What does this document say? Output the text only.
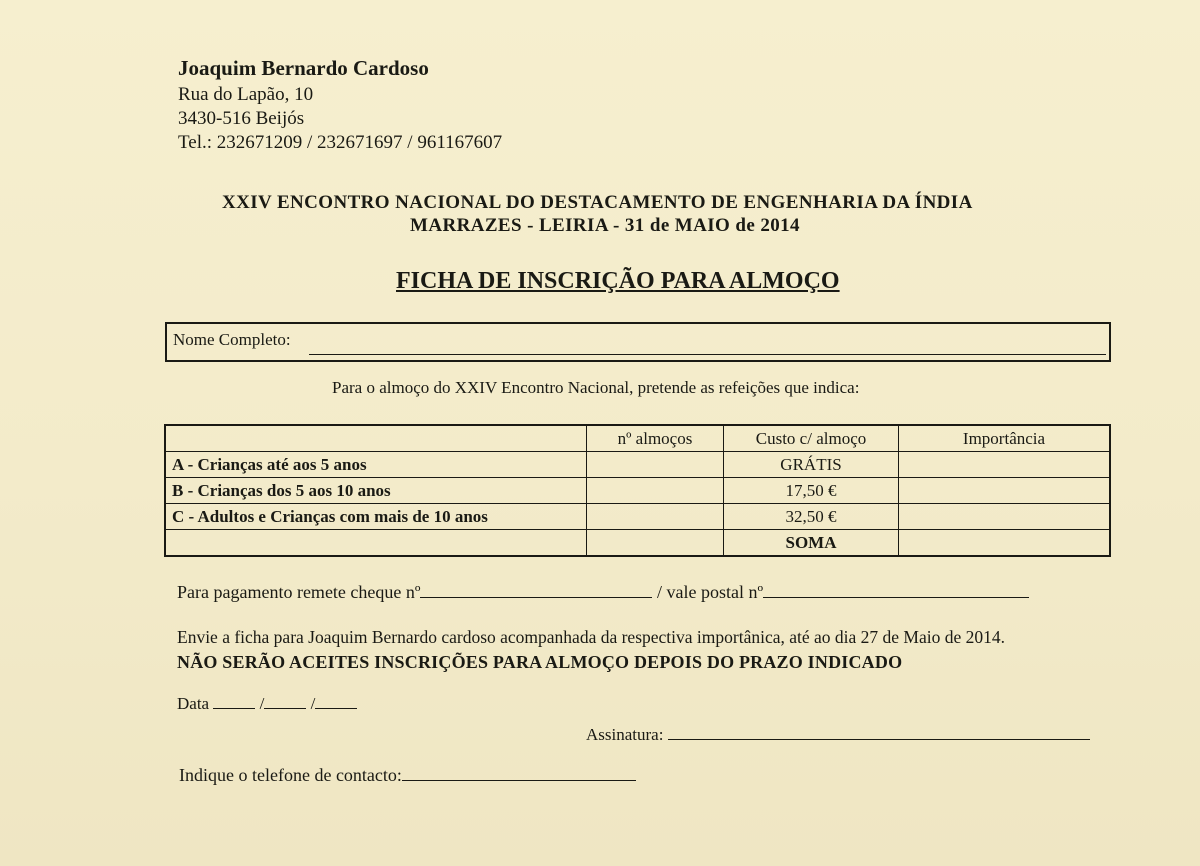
Joaquim Bernardo Cardoso
Rua do Lapão, 10
3430-516 Beijós
Tel.: 232671209 / 232671697 / 961167607
XXIV ENCONTRO NACIONAL DO DESTACAMENTO DE ENGENHARIA DA ÍNDIA
MARRAZES - LEIRIA - 31 de MAIO de 2014
FICHA DE INSCRIÇÃO PARA ALMOÇO
Nome Completo:
Para o almoço do XXIV Encontro Nacional, pretende as refeições que indica:
	nº almoços	Custo c/ almoço	Importância
A - Crianças até aos 5 anos		GRÁTIS	
B - Crianças dos 5 aos 10 anos		17,50 €	
C - Adultos e Crianças com mais de 10 anos		32,50 €	
		SOMA	
Para pagamento remete cheque nº	/ vale postal nº
Envie a ficha para Joaquim Bernardo cardoso acompanhada da respectiva importânica, até ao dia 27 de Maio de 2014.
NÃO SERÃO ACEITES INSCRIÇÕES PARA ALMOÇO DEPOIS DO PRAZO INDICADO
Data	/ /
Assinatura:
Indique o telefone de contacto:
